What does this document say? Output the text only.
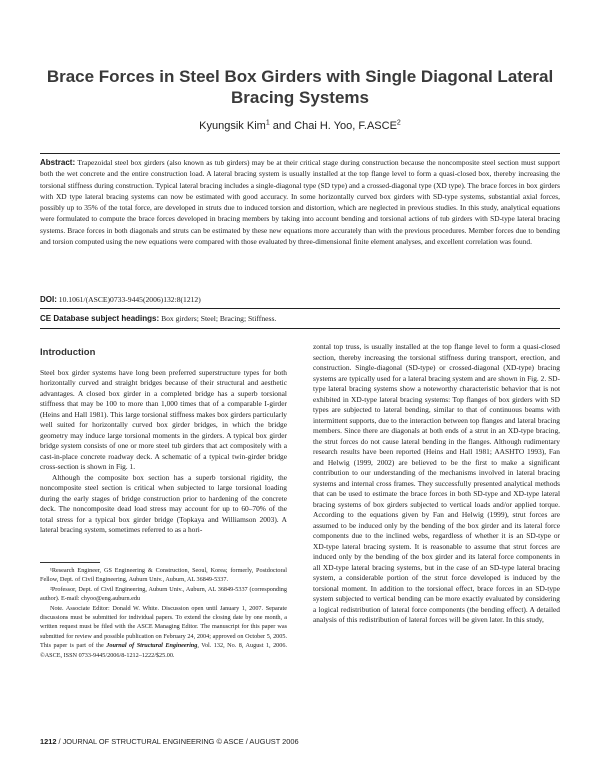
Brace Forces in Steel Box Girders with Single Diagonal Lateral Bracing Systems
Kyungsik Kim$^1$ and Chai H. Yoo, F.ASCE$^2$
Abstract: Trapezoidal steel box girders (also known as tub girders) may be at their critical stage during construction because the noncomposite steel section must support both the wet concrete and the entire construction load. A lateral bracing system is usually installed at the top flange level to form a quasi-closed box, thereby increasing the torsional stiffness during construction. Typical lateral bracing includes a single-diagonal type (SD type) and a crossed-diagonal type (XD type). The brace forces in box girders with XD type lateral bracing systems can now be estimated with good accuracy. In some horizontally curved box girders with SD-type systems, substantial axial forces, possibly up to 35% of the total force, are developed in struts due to induced torsion and distortion, which are neglected in previous studies. In this study, analytical equations were formulated to compute the brace forces developed in bracing members by taking into account bending and torsional actions of tub girders with SD-type lateral bracing systems. Brace forces in both diagonals and struts can be estimated by these new equations more accurately than with the previous procedures. Member forces due to bending and torsion computed using the new equations were compared with those evaluated by three-dimensional finite element analyses, and excellent correlation was found.
DOI: 10.1061/(ASCE)0733-9445(2006)132:8(1212)
CE Database subject headings: Box girders; Steel; Bracing; Stiffness.
Introduction

Steel box girder systems have long been preferred superstructure types for both horizontally curved and straight bridges because of their structural and aesthetic advantages. A closed box girder in a completed bridge has a superb torsional stiffness that may be 100 to more than 1,000 times that of a comparable I-girder (Heins and Hall 1981). This large torsional stiffness makes box girders particularly well suited for horizontally curved box girder bridges, in which the bridge geometry may induce large torsional moments in the girders. A typical box girder bridge system consists of one or more steel tub girders that act compositely with a cast-in-place concrete roadway deck. A schematic of a typical twin-girder bridge cross-section is shown in Fig. 1.

Although the composite box section has a superb torsional rigidity, the noncomposite steel section is critical when subjected to large torsional loading during the early stages of bridge construction prior to hardening of the concrete deck. The noncomposite dead load stress may account for up to 60–70% of the total stress for a typical box girder bridge (Topkaya and Williamson 2003). A lateral bracing system, sometimes referred to as a hori-

¹Research Engineer, GS Engineering & Construction, Seoul, Korea; formerly, Postdoctoral Fellow, Dept. of Civil Engineering, Auburn Univ., Auburn, AL 36849-5337.

²Professor, Dept. of Civil Engineering, Auburn Univ., Auburn, AL 36849-5337 (corresponding author). E-mail: chyoo@eng.auburn.edu

Note. Associate Editor: Donald W. White. Discussion open until January 1, 2007. Separate discussions must be submitted for individual papers. To extend the closing date by one month, a written request must be filed with the ASCE Managing Editor. The manuscript for this paper was submitted for review and possible publication on February 24, 2004; approved on October 5, 2005. This paper is part of the Journal of Structural Engineering, Vol. 132, No. 8, August 1, 2006. ©ASCE, ISSN 0733-9445/2006/8-1212–1222/$25.00.

zontal top truss, is usually installed at the top flange level to form a quasi-closed section, thereby increasing the torsional stiffness during transport, erection, and construction. Single-diagonal (SD-type) or crossed-diagonal (XD-type) bracing systems are typically used for a lateral bracing system and are shown in Fig. 2. SD-type lateral bracing systems show a noteworthy characteristic behavior that is not exhibited in XD-type lateral bracing systems: Top flanges of box girders with SD types are subjected to lateral bending, similar to that of continuous beams with intermittent supports, due to the interaction between top flanges and lateral bracing members. Since there are diagonals at both ends of a strut in an XD-type bracing, the strut forces do not cause lateral bending in the flanges. Although rudimentary research results have been reported (Heins and Hall 1981; AASHTO 1993), Fan and Helwig (1999, 2002) are believed to be the first to make a significant contribution to our understanding of the mechanisms involved in lateral bracing systems and internal cross frames. They successfully presented analytical methods that can be used to estimate the brace forces in both SD-type and XD-type lateral bracing systems of box girders subjected to vertical loads and/or applied torque. According to the equations given by Fan and Helwig (1999), strut forces are assumed to be induced only by the bending of the box girder and its lateral force components due to the inclined webs, regardless of whether it is an SD-type or XD-type lateral bracing system. It is reasonable to assume that strut forces are induced only by the bending of the box girder and its lateral force components in all XD-type lateral bracing systems, but in the case of an SD-type lateral bracing system, a considerable portion of the strut force developed is induced by the torsional moment. In addition to the torsional effect, brace forces in an SD-type system subjected to vertical bending can be more exactly evaluated by considering a logical redistribution of lateral force components (the bending effect). A detailed analysis of this redistribution of lateral forces will be given later. In this study,

1212 / JOURNAL OF STRUCTURAL ENGINEERING © ASCE / AUGUST 2006
